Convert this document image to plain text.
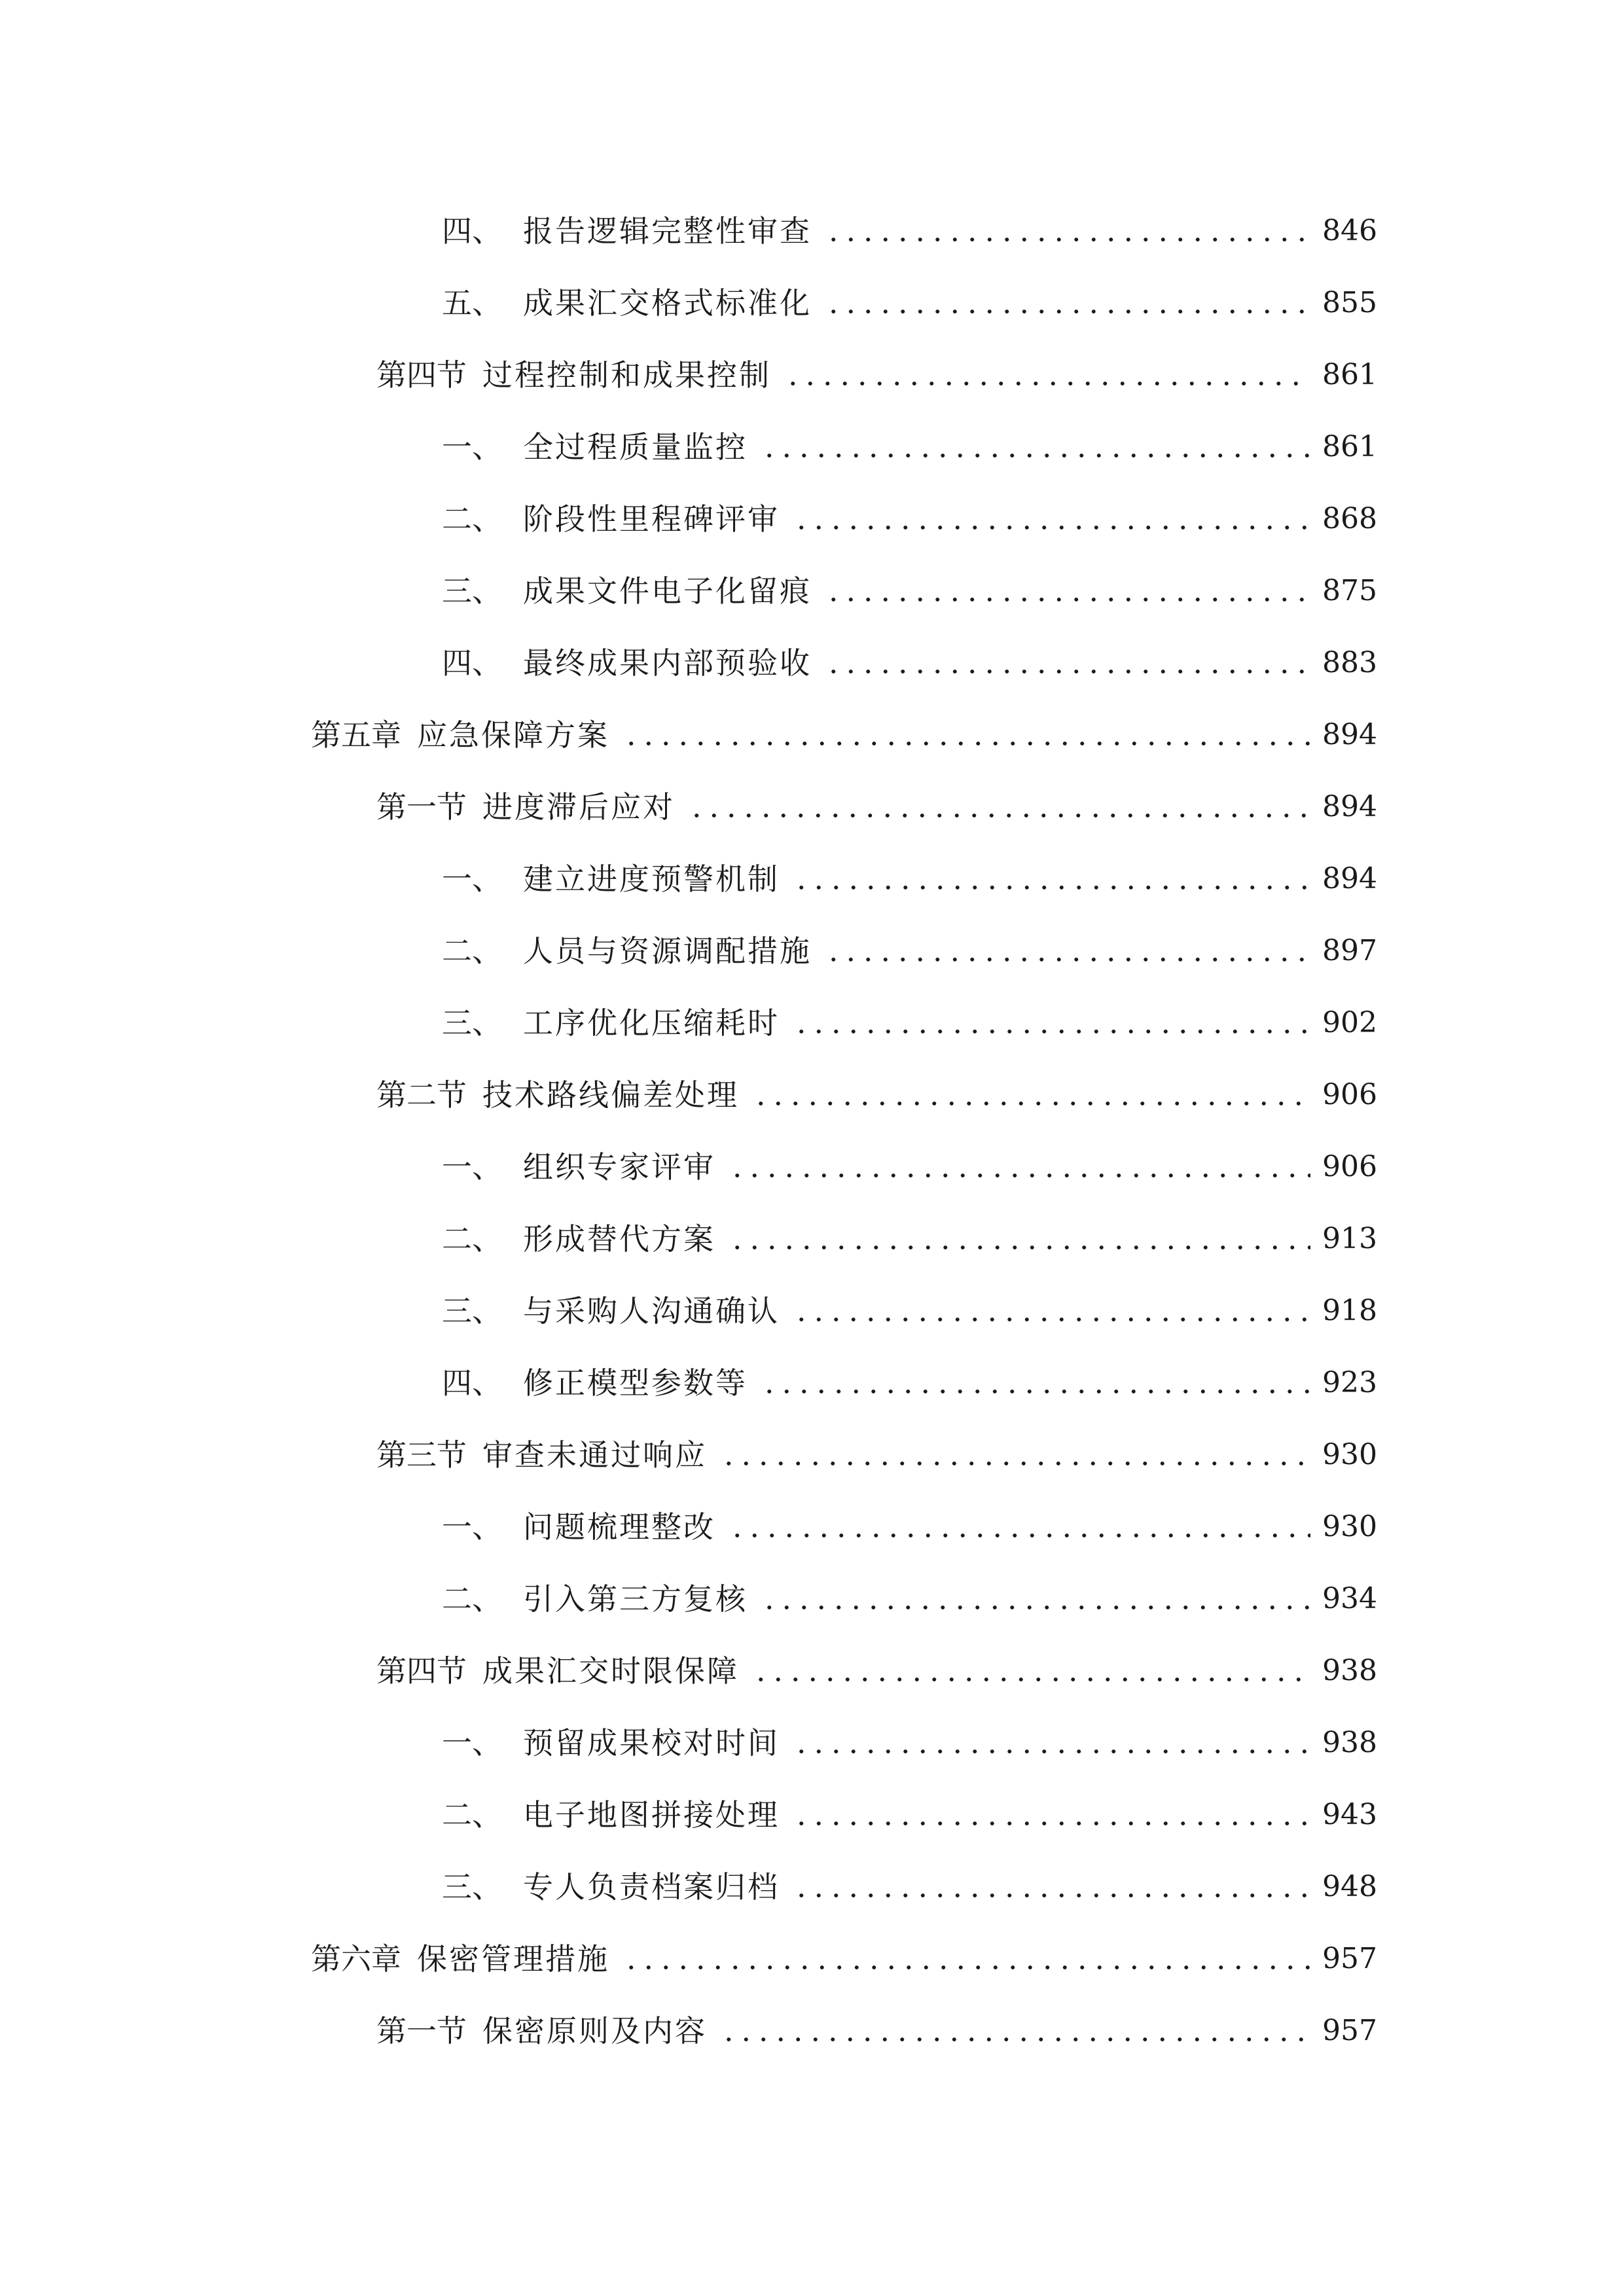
四、 报告逻辑完整性审查	846
五、 成果汇交格式标准化	855
第四节 过程控制和成果控制	861
一、 全过程质量监控	861
二、 阶段性里程碑评审	868
三、 成果文件电子化留痕	875
四、 最终成果内部预验收	883
第五章 应急保障方案	894
第一节 进度滞后应对	894
一、 建立进度预警机制	894
二、 人员与资源调配措施	897
三、 工序优化压缩耗时	902
第二节 技术路线偏差处理	906
一、 组织专家评审	906
二、 形成替代方案	913
三、 与采购人沟通确认	918
四、 修正模型参数等	923
第三节 审查未通过响应	930
一、 问题梳理整改	930
二、 引入第三方复核	934
第四节 成果汇交时限保障	938
一、 预留成果校对时间	938
二、 电子地图拼接处理	943
三、 专人负责档案归档	948
第六章 保密管理措施	957
第一节 保密原则及内容	957
